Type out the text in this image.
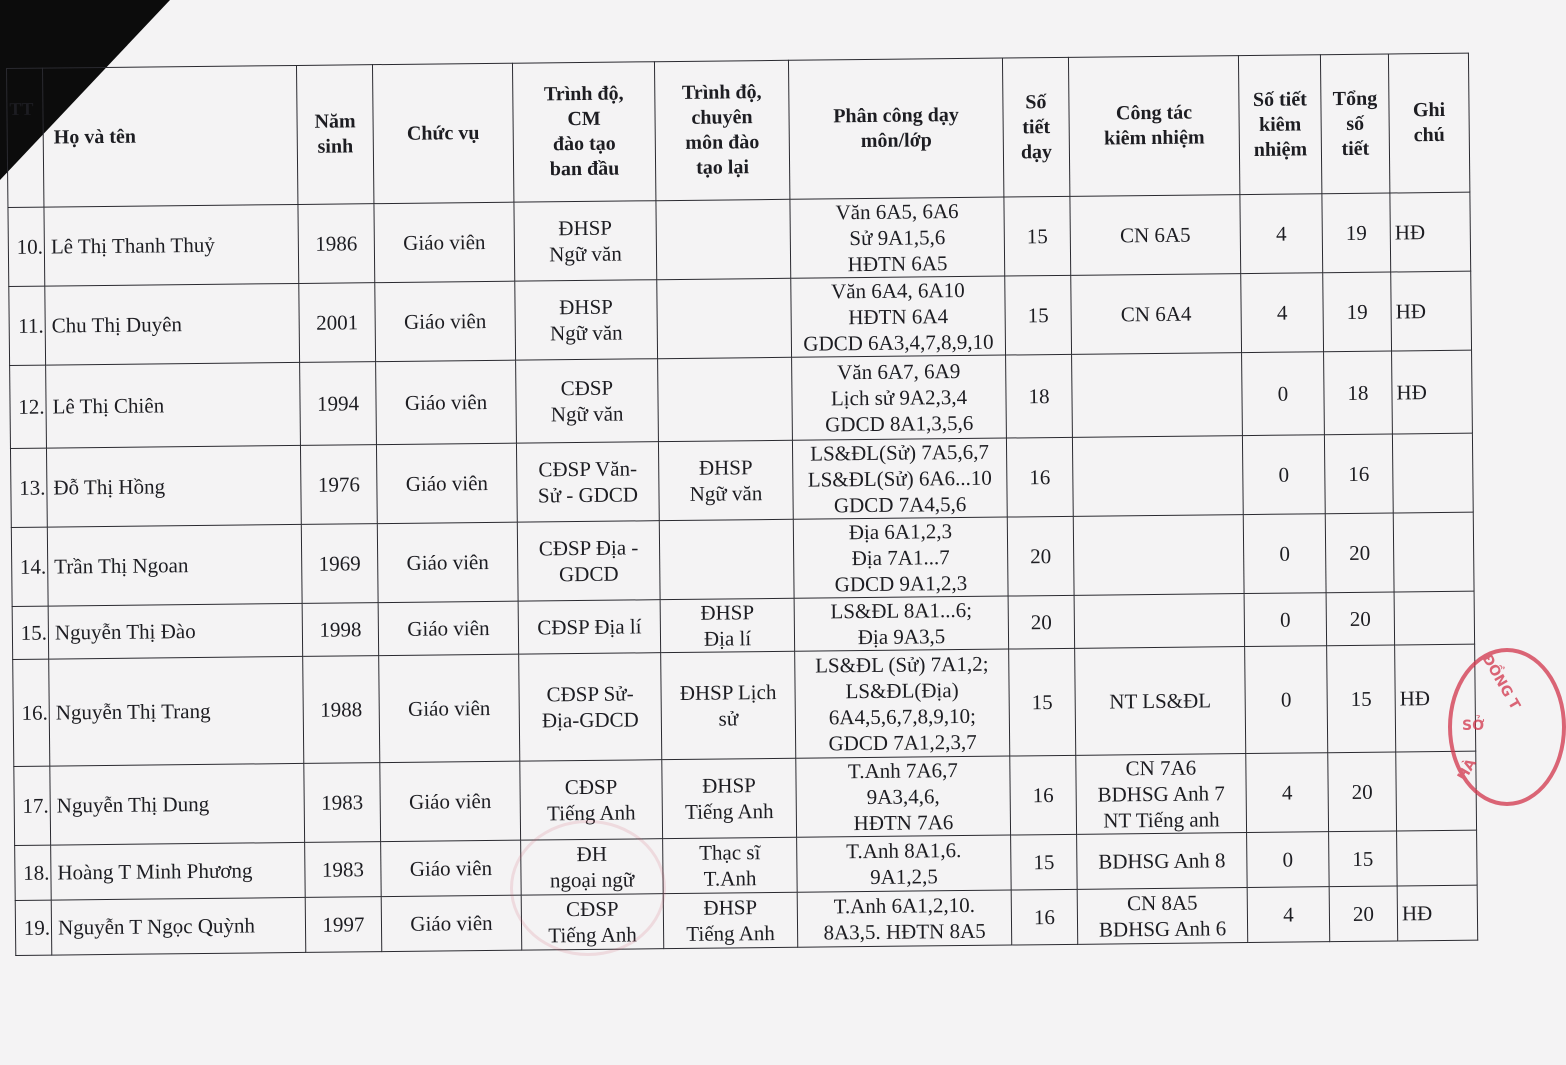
TT	Họ và tên	Năm
sinh	Chức vụ	Trình độ,
CM
đào tạo
ban đầu	Trình độ,
chuyên
môn đào
tạo lại	Phân công dạy
môn/lớp	Số
tiết
dạy	Công tác
kiêm nhiệm	Số tiết
kiêm
nhiệm	Tổng
số
tiết	Ghi
chú

10.	Lê Thị Thanh Thuỷ	1986	Giáo viên	ĐHSP
Ngữ văn		Văn 6A5, 6A6
Sử 9A1,5,6
HĐTN 6A5	15	CN 6A5	4	19	HĐ
11.	Chu Thị Duyên	2001	Giáo viên	ĐHSP
Ngữ văn		Văn 6A4, 6A10
HĐTN 6A4
GDCD 6A3,4,7,8,9,10	15	CN 6A4	4	19	HĐ
12.	Lê Thị Chiên	1994	Giáo viên	CĐSP
Ngữ văn		Văn 6A7, 6A9
Lịch sử 9A2,3,4
GDCD 8A1,3,5,6	18		0	18	HĐ
13.	Đỗ Thị Hồng	1976	Giáo viên	CĐSP Văn-
Sử - GDCD	ĐHSP
Ngữ văn	LS&ĐL(Sử) 7A5,6,7
LS&ĐL(Sử) 6A6...10
GDCD 7A4,5,6	16		0	16	
14.	Trần Thị Ngoan	1969	Giáo viên	CĐSP Địa -
GDCD		Địa 6A1,2,3
Địa 7A1...7
GDCD 9A1,2,3	20		0	20	
15.	Nguyễn Thị Đào	1998	Giáo viên	CĐSP Địa lí	ĐHSP
Địa lí	LS&ĐL 8A1...6;
Địa 9A3,5	20		0	20	
16.	Nguyễn Thị Trang	1988	Giáo viên	CĐSP Sử-
Địa-GDCD	ĐHSP Lịch
sử	LS&ĐL (Sử) 7A1,2;
LS&ĐL(Địa)
6A4,5,6,7,8,9,10;
GDCD 7A1,2,3,7	15	NT LS&ĐL	0	15	HĐ
17.	Nguyễn Thị Dung	1983	Giáo viên	CĐSP
Tiếng Anh	ĐHSP
Tiếng Anh	T.Anh 7A6,7
9A3,4,6,
HĐTN 7A6	16	CN 7A6
BDHSG Anh 7
NT Tiếng anh	4	20	
18.	Hoàng T Minh Phương	1983	Giáo viên	ĐH
ngoại ngữ	Thạc sĩ
T.Anh	T.Anh 8A1,6.
9A1,2,5	15	BDHSG Anh 8	0	15	
19.	Nguyễn T Ngọc Quỳnh	1997	Giáo viên	CĐSP
Tiếng Anh	ĐHSP
Tiếng Anh	T.Anh 6A1,2,10.
8A3,5. HĐTN 8A5	16	CN 8A5
BDHSG Anh 6	4	20	HĐ
ĐỒNG T
SỞ
HÀ
